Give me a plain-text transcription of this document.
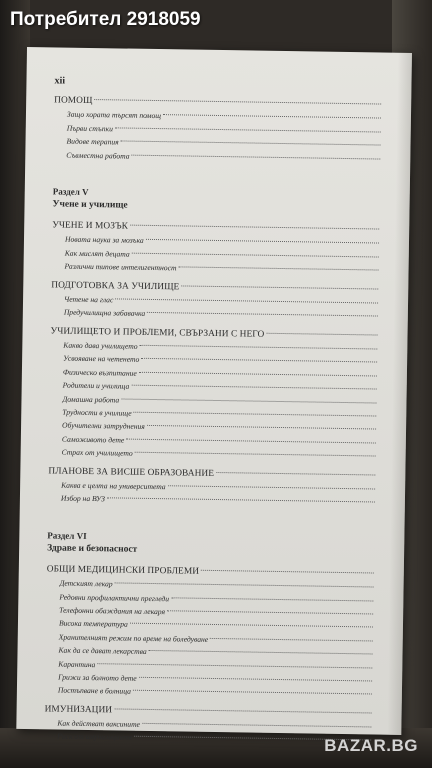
xii
ПОМОЩ
Защо хората търсят помощ
Първи стъпки
Видове терапия
Съвместна работа
Раздел V
Учене и училище
УЧЕНЕ И МОЗЪК
Новата наука за мозъка
Как мислят децата
Различни типове интелигентност
ПОДГОТОВКА ЗА УЧИЛИЩЕ
Четене на глас
Предучилищна забавачка
УЧИЛИЩЕТО И ПРОБЛЕМИ, СВЪРЗАНИ С НЕГО
Какво дава училището
Усвояване на четенето
Физическо възпитание
Родители и училища
Домашна работа
Трудности в училище
Обучителни затруднения
Саможивото дете
Страх от училището
ПЛАНОВЕ ЗА ВИСШЕ ОБРАЗОВАНИЕ
Каква е целта на университета
Избор на ВУЗ
Раздел VI
Здраве и безопасност
ОБЩИ МЕДИЦИНСКИ ПРОБЛЕМИ
Детският лекар
Редовни профилактични прегледи
Телефонни обаждания на лекаря
Висока температура
Хранителният режим по време на боледуване
Как да се дават лекарства
Карантина
Грижи за болното дете
Постъпване в болница
ИМУНИЗАЦИИ
Как действат ваксините
Риск от имунизациите
Потребител 2918059
BAZAR.BG
